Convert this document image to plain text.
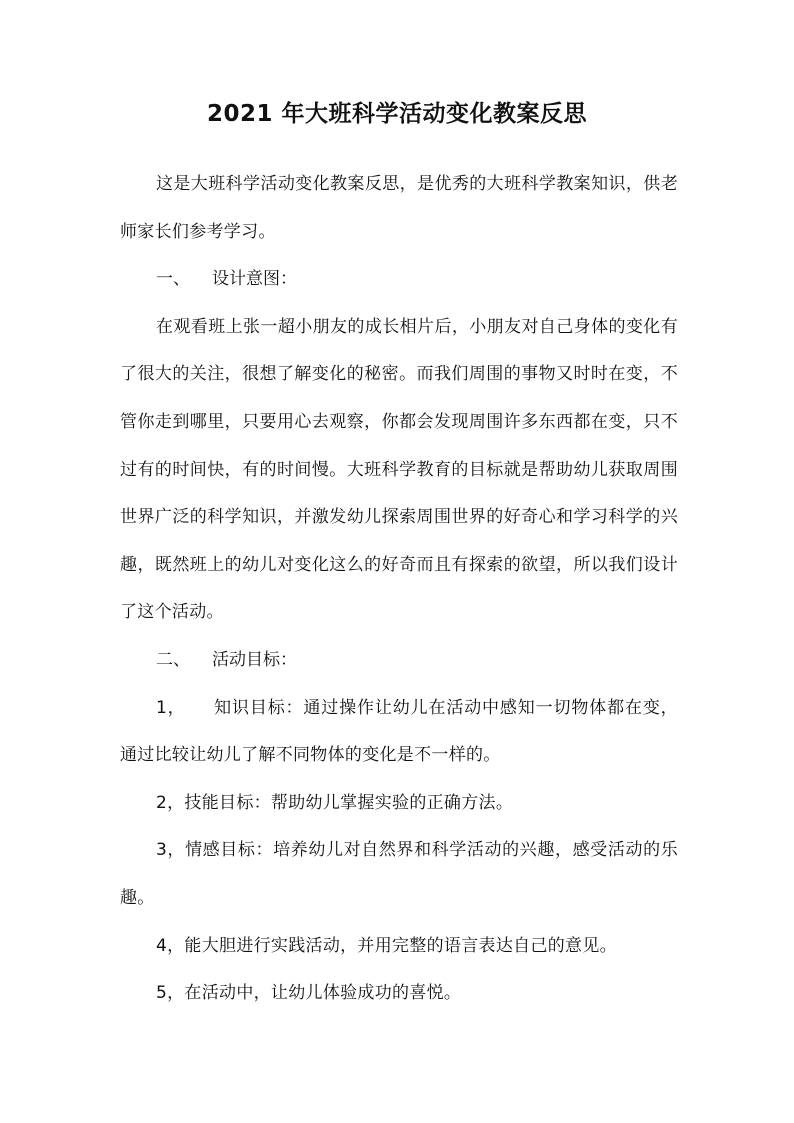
2021 年大班科学活动变化教案反思

这是大班科学活动变化教案反思，是优秀的大班科学教案知识，供老师家长们参考学习。

一、 设计意图：

在观看班上张一超小朋友的成长相片后，小朋友对自己身体的变化有了很大的关注，很想了解变化的秘密。而我们周围的事物又时时在变，不管你走到哪里，只要用心去观察，你都会发现周围许多东西都在变，只不过有的时间快，有的时间慢。大班科学教育的目标就是帮助幼儿获取周围世界广泛的科学知识，并激发幼儿探索周围世界的好奇心和学习科学的兴趣，既然班上的幼儿对变化这么的好奇而且有探索的欲望，所以我们设计了这个活动。

二、 活动目标：

1， 知识目标：通过操作让幼儿在活动中感知一切物体都在变，通过比较让幼儿了解不同物体的变化是不一样的。

2，技能目标：帮助幼儿掌握实验的正确方法。

3，情感目标：培养幼儿对自然界和科学活动的兴趣，感受活动的乐趣。

4，能大胆进行实践活动，并用完整的语言表达自己的意见。

5，在活动中，让幼儿体验成功的喜悦。
